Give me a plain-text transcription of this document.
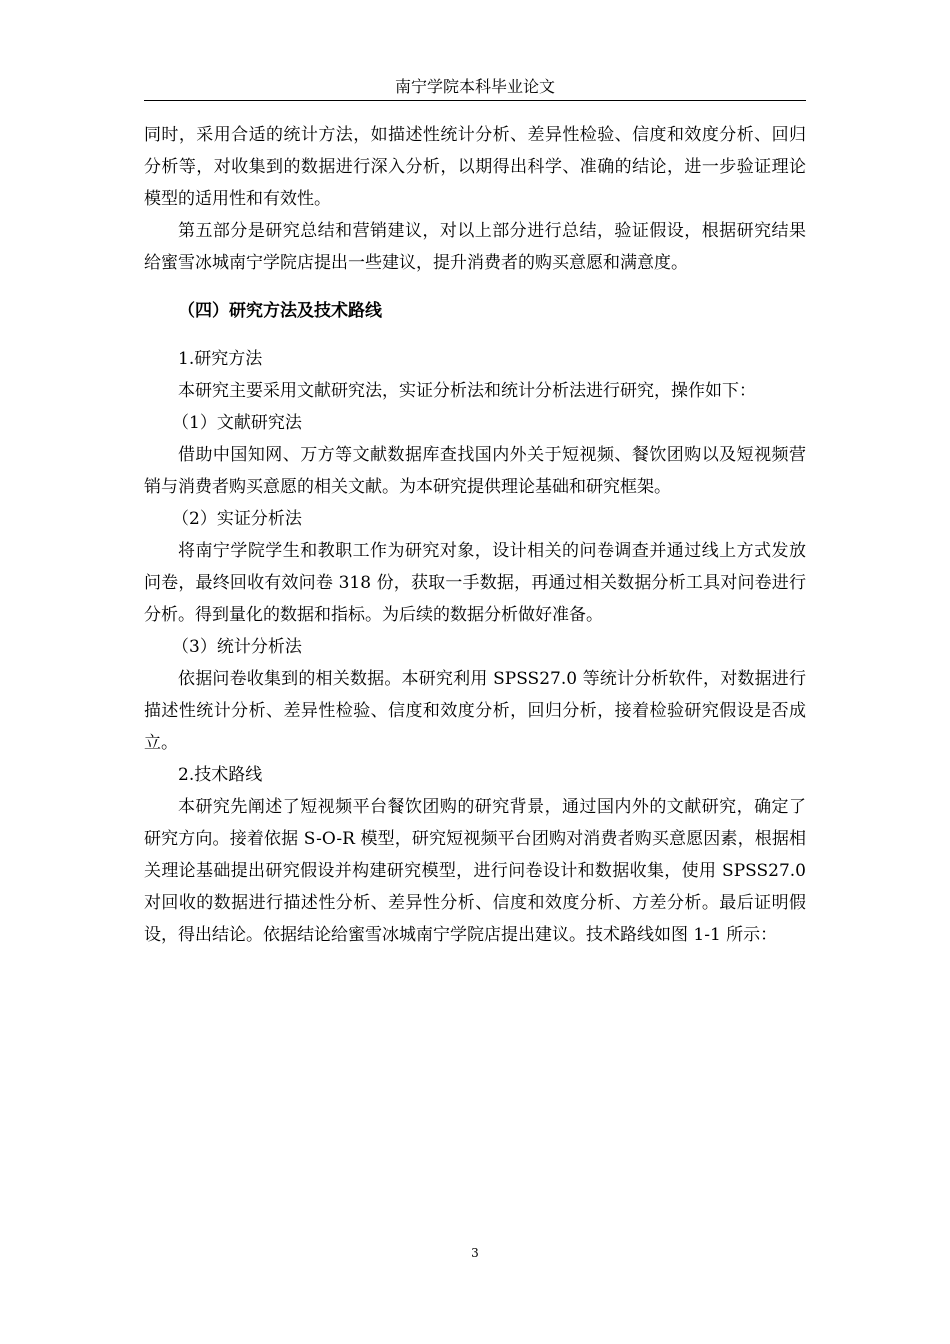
南宁学院本科毕业论文

同时，采用合适的统计方法，如描述性统计分析、差异性检验、信度和效度分析、回归分析等，对收集到的数据进行深入分析，以期得出科学、准确的结论，进一步验证理论模型的适用性和有效性。

第五部分是研究总结和营销建议，对以上部分进行总结，验证假设，根据研究结果给蜜雪冰城南宁学院店提出一些建议，提升消费者的购买意愿和满意度。

（四）研究方法及技术路线

1.研究方法

本研究主要采用文献研究法，实证分析法和统计分析法进行研究，操作如下：

（1）文献研究法

借助中国知网、万方等文献数据库查找国内外关于短视频、餐饮团购以及短视频营销与消费者购买意愿的相关文献。为本研究提供理论基础和研究框架。

（2）实证分析法

将南宁学院学生和教职工作为研究对象，设计相关的问卷调查并通过线上方式发放问卷，最终回收有效问卷 318 份，获取一手数据，再通过相关数据分析工具对问卷进行分析。得到量化的数据和指标。为后续的数据分析做好准备。

（3）统计分析法

依据问卷收集到的相关数据。本研究利用 SPSS27.0 等统计分析软件，对数据进行描述性统计分析、差异性检验、信度和效度分析，回归分析，接着检验研究假设是否成立。

2.技术路线

本研究先阐述了短视频平台餐饮团购的研究背景，通过国内外的文献研究，确定了研究方向。接着依据 S-O-R 模型，研究短视频平台团购对消费者购买意愿因素，根据相关理论基础提出研究假设并构建研究模型，进行问卷设计和数据收集，使用 SPSS27.0 对回收的数据进行描述性分析、差异性分析、信度和效度分析、方差分析。最后证明假设，得出结论。依据结论给蜜雪冰城南宁学院店提出建议。技术路线如图 1-1 所示：

3
